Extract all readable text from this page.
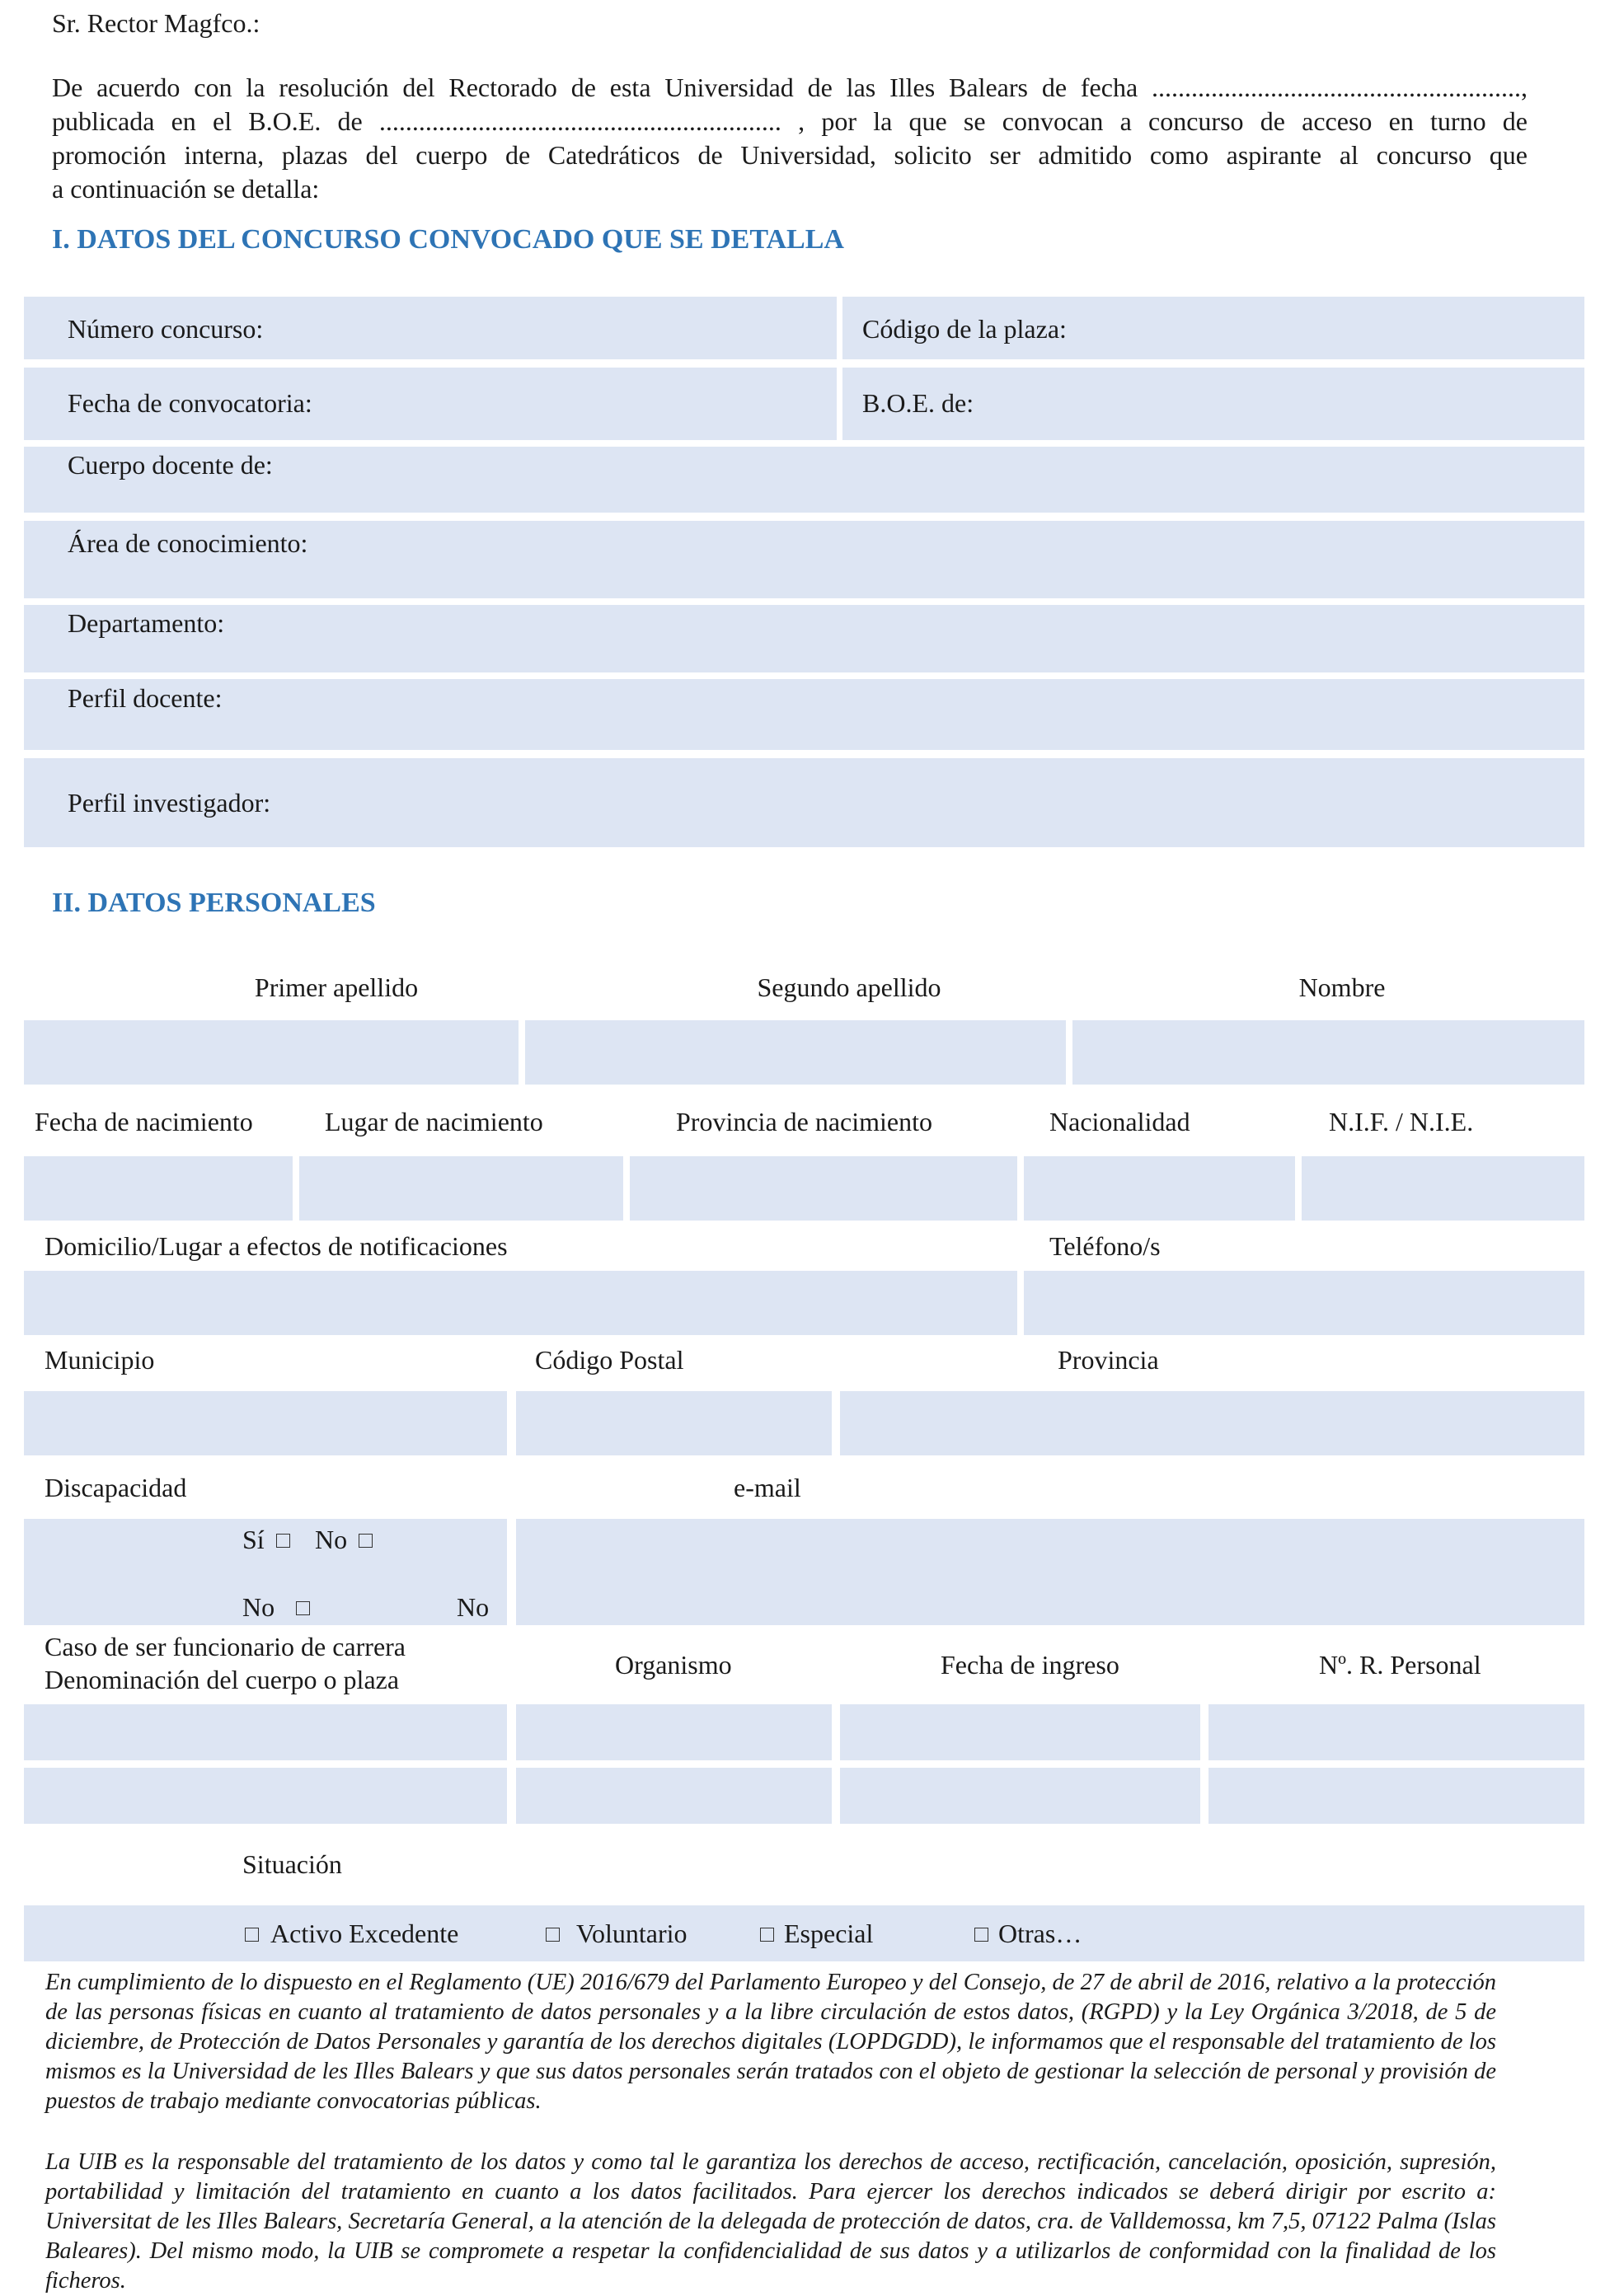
Sr. Rector Magfco.:
De acuerdo con la resolución del Rectorado de esta Universidad de las Illes Balears de fecha ........................................................,
publicada en el B.O.E. de ............................................................. , por la que se convocan a concurso de acceso en turno de
promoción interna, plazas del cuerpo de Catedráticos de Universidad, solicito ser admitido como aspirante al concurso que
a continuación se detalla:
I. DATOS DEL CONCURSO CONVOCADO QUE SE DETALLA
Número concurso:	Código de la plaza:
Fecha de convocatoria:	B.O.E. de:
Cuerpo docente de:
Área de conocimiento:
Departamento:
Perfil docente:
Perfil investigador:
II. DATOS PERSONALES
Primer apellido	Segundo apellido	Nombre
Fecha de nacimiento	Lugar de nacimiento	Provincia de nacimiento	Nacionalidad	N.I.F. / N.I.E.
Domicilio/Lugar a efectos de notificaciones	Teléfono/s
Municipio	Código Postal	Provincia
Discapacidad	e-mail
Sí	No
No	No
Caso de ser funcionario de carrera
Denominación del cuerpo o plaza	Organismo	Fecha de ingreso	Nº. R. Personal
Situación
Activo Excedente	Voluntario	Especial	Otras…
En cumplimiento de lo dispuesto en el Reglamento (UE) 2016/679 del Parlamento Europeo y del Consejo, de 27 de abril de 2016, relativo a la protección de las personas físicas en cuanto al tratamiento de datos personales y a la libre circulación de estos datos, (RGPD) y la Ley Orgánica 3/2018, de 5 de diciembre, de Protección de Datos Personales y garantía de los derechos digitales (LOPDGDD), le informamos que el responsable del tratamiento de los mismos es la Universidad de les Illes Balears y que sus datos personales serán tratados con el objeto de gestionar la selección de personal y provisión de puestos de trabajo mediante convocatorias públicas.
La UIB es la responsable del tratamiento de los datos y como tal le garantiza los derechos de acceso, rectificación, cancelación, oposición, supresión, portabilidad y limitación del tratamiento en cuanto a los datos facilitados. Para ejercer los derechos indicados se deberá dirigir por escrito a: Universitat de les Illes Balears, Secretaría General, a la atención de la delegada de protección de datos, cra. de Valldemossa, km 7,5, 07122 Palma (Islas Baleares). Del mismo modo, la UIB se compromete a respetar la confidencialidad de sus datos y a utilizarlos de conformidad con la finalidad de los ficheros.
